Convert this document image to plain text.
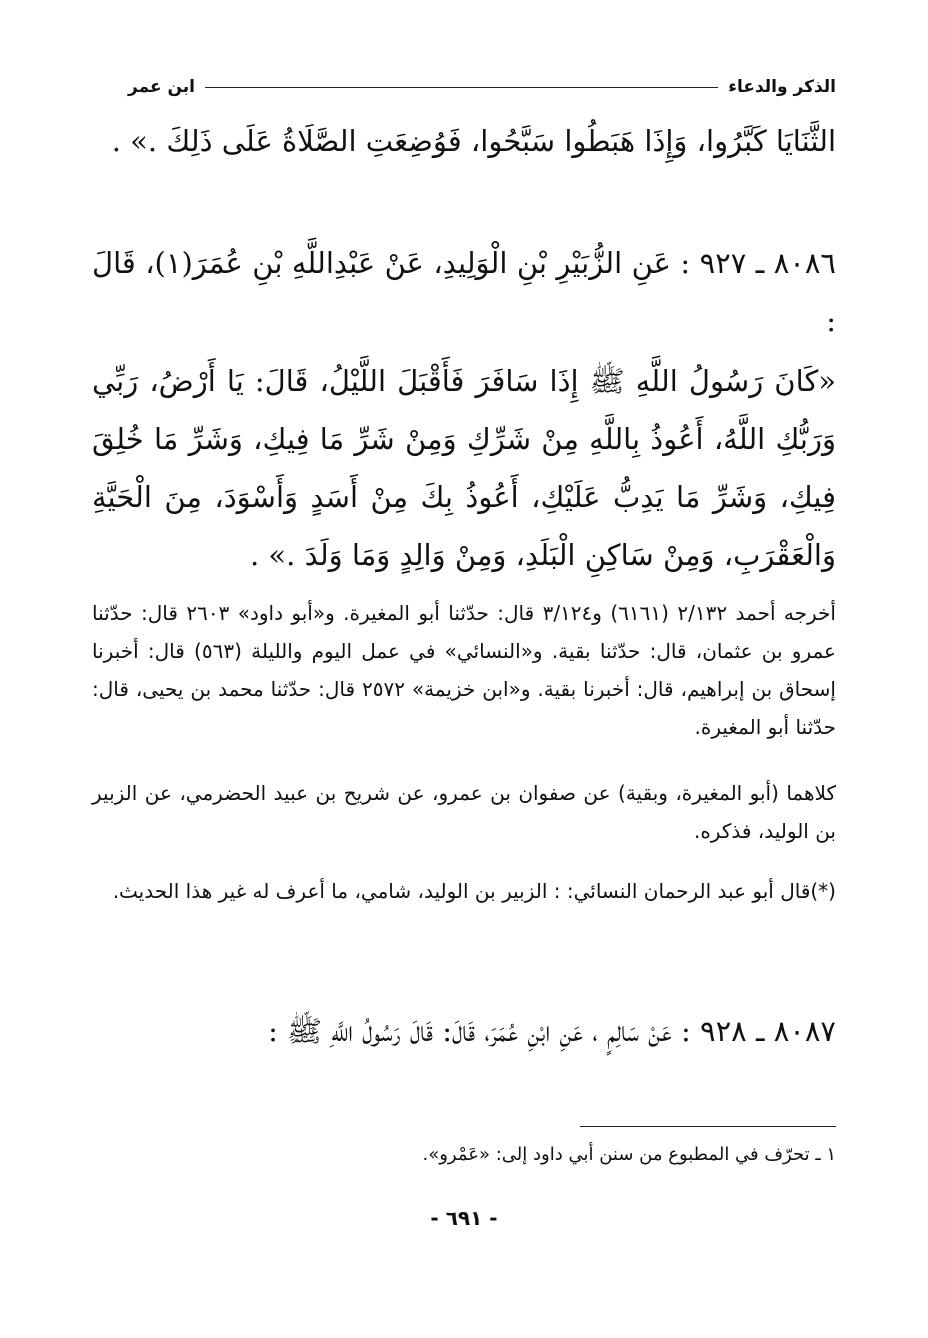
الذكر والدعاء
ابن عمر
الثَّنَايَا كَبَّرُوا، وَإِذَا هَبَطُوا سَبَّحُوا، فَوُضِعَتِ الصَّلَاةُ عَلَى ذَلِكَ .» .
٨٠٨٦ ـ ٩٢٧ : عَنِ الزُّبَيْرِ بْنِ الْوَلِيدِ، عَنْ عَبْدِاللَّهِ بْنِ عُمَرَ(١)، قَالَ :
«كَانَ رَسُولُ اللَّهِ ﷺ إِذَا سَافَرَ فَأَقْبَلَ اللَّيْلُ، قَالَ: يَا أَرْضُ، رَبِّي وَرَبُّكِ اللَّهُ، أَعُوذُ بِاللَّهِ مِنْ شَرِّكِ وَمِنْ شَرِّ مَا فِيكِ، وَشَرِّ مَا خُلِقَ فِيكِ، وَشَرِّ مَا يَدِبُّ عَلَيْكِ، أَعُوذُ بِكَ مِنْ أَسَدٍ وَأَسْوَدَ، مِنَ الْحَيَّةِ وَالْعَقْرَبِ، وَمِنْ سَاكِنِ الْبَلَدِ، وَمِنْ وَالِدٍ وَمَا وَلَدَ .» .
أخرجه أحمد ٢/١٣٢ (٦١٦١) و٣/١٢٤ قال: حدّثنا أبو المغيرة. و«أبو داود» ٢٦٠٣ قال: حدّثنا عمرو بن عثمان، قال: حدّثنا بقية. و«النسائي» في عمل اليوم والليلة (٥٦٣) قال: أخبرنا إسحاق بن إبراهيم، قال: أخبرنا بقية. و«ابن خزيمة» ٢٥٧٢ قال: حدّثنا محمد بن يحيى، قال: حدّثنا أبو المغيرة.
كلاهما (أبو المغيرة، وبقية) عن صفوان بن عمرو، عن شريح بن عبيد الحضرمي، عن الزبير بن الوليد، فذكره.
(*)قال أبو عبد الرحمان النسائي: : الزبير بن الوليد، شامي، ما أعرف له غير هذا الحديث.
٨٠٨٧ ـ ٩٢٨ : عَنْ سَالِمٍ ، عَنِ ابْنِ عُمَرَ، قَالَ: قَالَ رَسُولُ اللَّهِ ﷺ :
١ ـ تحرّف في المطبوع من سنن أبي داود إلى: «عَمْرو».
- ٦٩١ -
